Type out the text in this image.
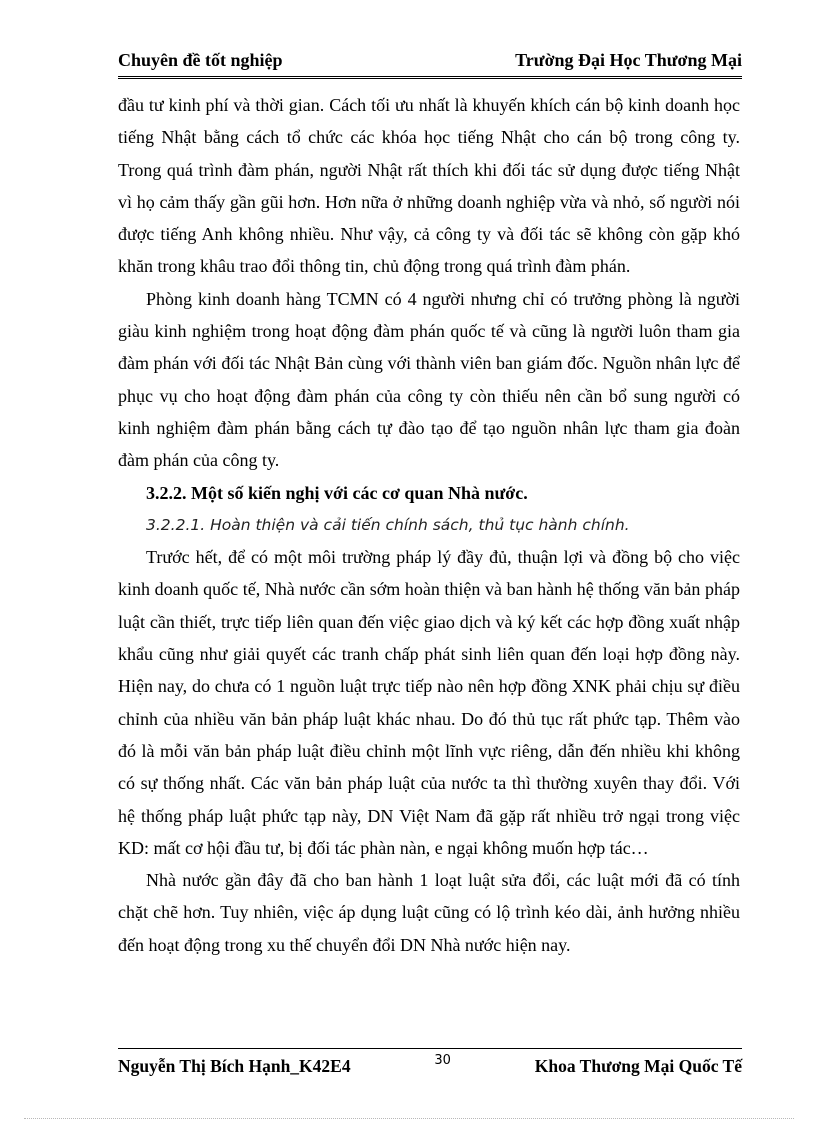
Chuyên đề tốt nghiệp	Trường Đại Học Thương Mại

đầu tư kinh phí và thời gian. Cách tối ưu nhất là khuyến khích cán bộ kinh doanh học tiếng Nhật bằng cách tổ chức các khóa học tiếng Nhật cho cán bộ trong công ty. Trong quá trình đàm phán, người Nhật rất thích khi đối tác sử dụng được tiếng Nhật vì họ cảm thấy gần gũi hơn. Hơn nữa ở những doanh nghiệp vừa và nhỏ, số người nói được tiếng Anh không nhiều. Như vậy, cả công ty và đối tác sẽ không còn gặp khó khăn trong khâu trao đổi thông tin, chủ động trong quá trình đàm phán.

Phòng kinh doanh hàng TCMN có 4 người nhưng chỉ có trưởng phòng là người giàu kinh nghiệm trong hoạt động đàm phán quốc tế và cũng là người luôn tham gia đàm phán với đối tác Nhật Bản cùng với thành viên ban giám đốc. Nguồn nhân lực để phục vụ cho hoạt động đàm phán của công ty còn thiếu nên cần bổ sung người có kinh nghiệm đàm phán bằng cách tự đào tạo để tạo nguồn nhân lực tham gia đoàn đàm phán của công ty.

3.2.2. Một số kiến nghị với các cơ quan Nhà nước.

3.2.2.1. Hoàn thiện và cải tiến chính sách, thủ tục hành chính.

Trước hết, để có một môi trường pháp lý đầy đủ, thuận lợi và đồng bộ cho việc kinh doanh quốc tế, Nhà nước cần sớm hoàn thiện và ban hành hệ thống văn bản pháp luật cần thiết, trực tiếp liên quan đến việc giao dịch và ký kết các hợp đồng xuất nhập khẩu cũng như giải quyết các tranh chấp phát sinh liên quan đến loại hợp đồng này. Hiện nay, do chưa có 1 nguồn luật trực tiếp nào nên hợp đồng XNK phải chịu sự điều chỉnh của nhiều văn bản pháp luật khác nhau. Do đó thủ tục rất phức tạp. Thêm vào đó là mỗi văn bản pháp luật điều chỉnh một lĩnh vực riêng, dẫn đến nhiều khi không có sự thống nhất. Các văn bản pháp luật của nước ta thì thường xuyên thay đổi. Với hệ thống pháp luật phức tạp này, DN Việt Nam đã gặp rất nhiều trở ngại trong việc KD: mất cơ hội đầu tư, bị đối tác phàn nàn, e ngại không muốn hợp tác…

Nhà nước gần đây đã cho ban hành 1 loạt luật sửa đổi, các luật mới đã có tính chặt chẽ hơn. Tuy nhiên, việc áp dụng luật cũng có lộ trình kéo dài, ảnh hưởng nhiều đến hoạt động trong xu thế chuyển đổi DN Nhà nước hiện nay.

Nguyễn Thị Bích Hạnh_K42E4	30	Khoa Thương Mại Quốc Tế
